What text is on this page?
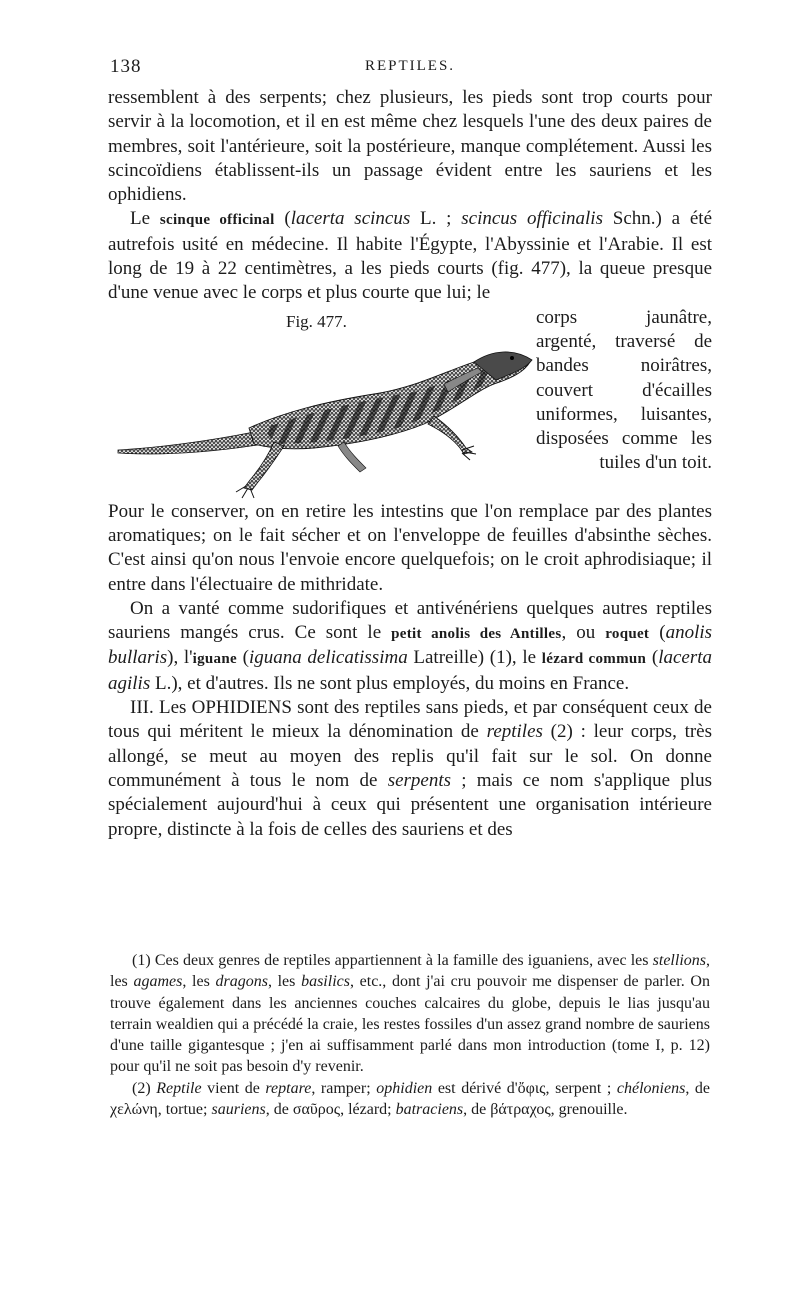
138	REPTILES.

ressemblent à des serpents; chez plusieurs, les pieds sont trop courts pour servir à la locomotion, et il en est même chez lesquels l'une des deux paires de membres, soit l'antérieure, soit la postérieure, manque complétement. Aussi les scincoïdiens établissent-ils un passage évident entre les sauriens et les ophidiens.

Le scinque officinal (lacerta scincus L. ; scincus officinalis Schn.) a été autrefois usité en médecine. Il habite l'Égypte, l'Abyssinie et l'Arabie. Il est long de 19 à 22 centimètres, a les pieds courts (fig. 477), la queue presque d'une venue avec le corps et plus courte que lui; le

Fig. 477.	corps jaunâtre, argenté, traversé de bandes noirâtres, couvert d'écailles uniformes, luisantes, disposées comme les tuiles d'un toit.

Pour le conserver, on en retire les intestins que l'on remplace par des plantes aromatiques; on le fait sécher et on l'enveloppe de feuilles d'absinthe sèches. C'est ainsi qu'on nous l'envoie encore quelquefois; on le croit aphrodisiaque; il entre dans l'électuaire de mithridate.

On a vanté comme sudorifiques et antivénériens quelques autres reptiles sauriens mangés crus. Ce sont le petit anolis des Antilles, ou roquet (anolis bullaris), l'iguane (iguana delicatissima Latreille) (1), le lézard commun (lacerta agilis L.), et d'autres. Ils ne sont plus employés, du moins en France.

III. Les OPHIDIENS sont des reptiles sans pieds, et par conséquent ceux de tous qui méritent le mieux la dénomination de reptiles (2) : leur corps, très allongé, se meut au moyen des replis qu'il fait sur le sol. On donne communément à tous le nom de serpents ; mais ce nom s'applique plus spécialement aujourd'hui à ceux qui présentent une organisation intérieure propre, distincte à la fois de celles des sauriens et des

(1) Ces deux genres de reptiles appartiennent à la famille des iguaniens, avec les stellions, les agames, les dragons, les basilics, etc., dont j'ai cru pouvoir me dispenser de parler. On trouve également dans les anciennes couches calcaires du globe, depuis le lias jusqu'au terrain wealdien qui a précédé la craie, les restes fossiles d'un assez grand nombre de sauriens d'une taille gigantesque ; j'en ai suffisamment parlé dans mon introduction (tome I, p. 12) pour qu'il ne soit pas besoin d'y revenir.

(2) Reptile vient de reptare, ramper; ophidien est dérivé d'ὄφις, serpent ; chéloniens, de χελώνη, tortue; sauriens, de σαῦρος, lézard; batraciens, de βάτραχος, grenouille.
